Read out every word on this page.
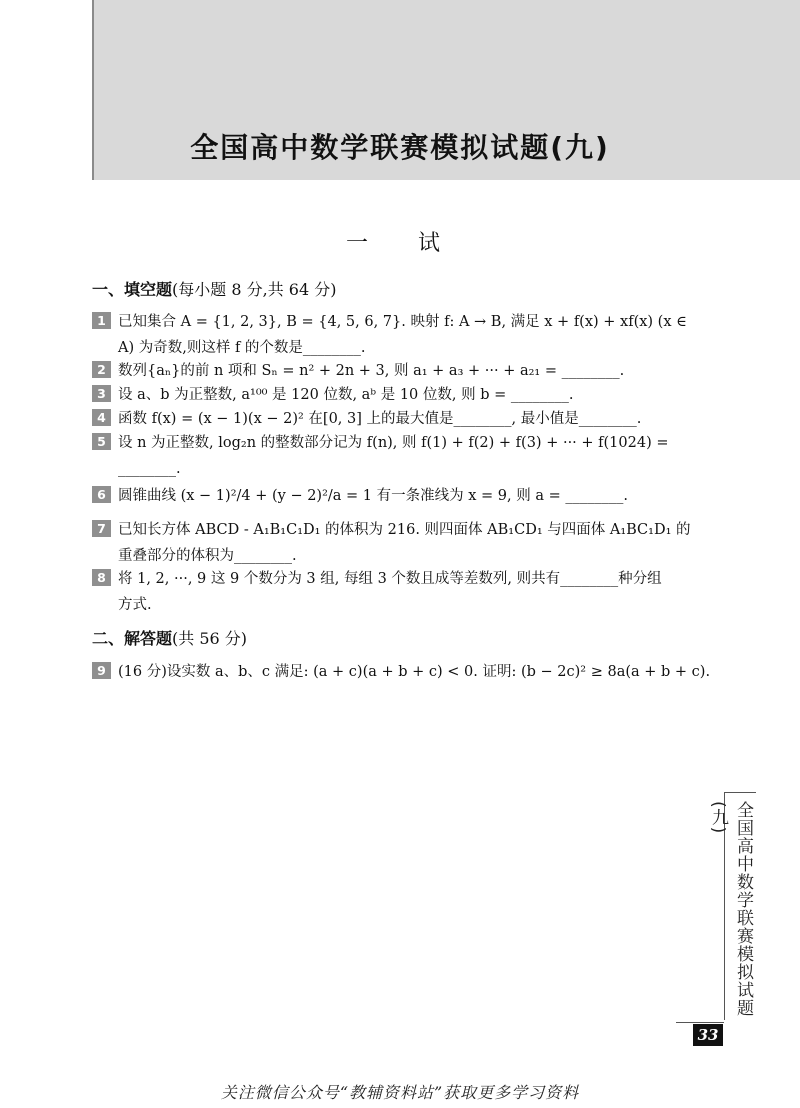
全国高中数学联赛模拟试题(九)
一　试
一、填空题(每小题 8 分,共 64 分)
1 已知集合 A = {1, 2, 3}, B = {4, 5, 6, 7}. 映射 f: A → B, 满足 x + f(x) + xf(x) (x ∈
A) 为奇数,则这样 f 的个数是________.
2 数列{aₙ}的前 n 项和 Sₙ = n² + 2n + 3, 则 a₁ + a₃ + ··· + a₂₁ = ________.
3 设 a、b 为正整数, a¹⁰⁰ 是 120 位数, aᵇ 是 10 位数, 则 b = ________.
4 函数 f(x) = (x − 1)(x − 2)² 在[0, 3] 上的最大值是________, 最小值是________.
5 设 n 为正整数, log₂n 的整数部分记为 f(n), 则 f(1) + f(2) + f(3) + ··· + f(1024) =
________.
6 圆锥曲线 (x − 1)²/4 + (y − 2)²/a = 1 有一条准线为 x = 9, 则 a = ________.
7 已知长方体 ABCD - A₁B₁C₁D₁ 的体积为 216. 则四面体 AB₁CD₁ 与四面体 A₁BC₁D₁ 的
重叠部分的体积为________.
8 将 1, 2, ···, 9 这 9 个数分为 3 组, 每组 3 个数且成等差数列, 则共有________种分组
方式.
二、解答题(共 56 分)
9 (16 分)设实数 a、b、c 满足: (a + c)(a + b + c) < 0. 证明: (b − 2c)² ≥ 8a(a + b + c).
全国高中数学联赛模拟试题(九)
33
关注微信公众号“教辅资料站”获取更多学习资料
